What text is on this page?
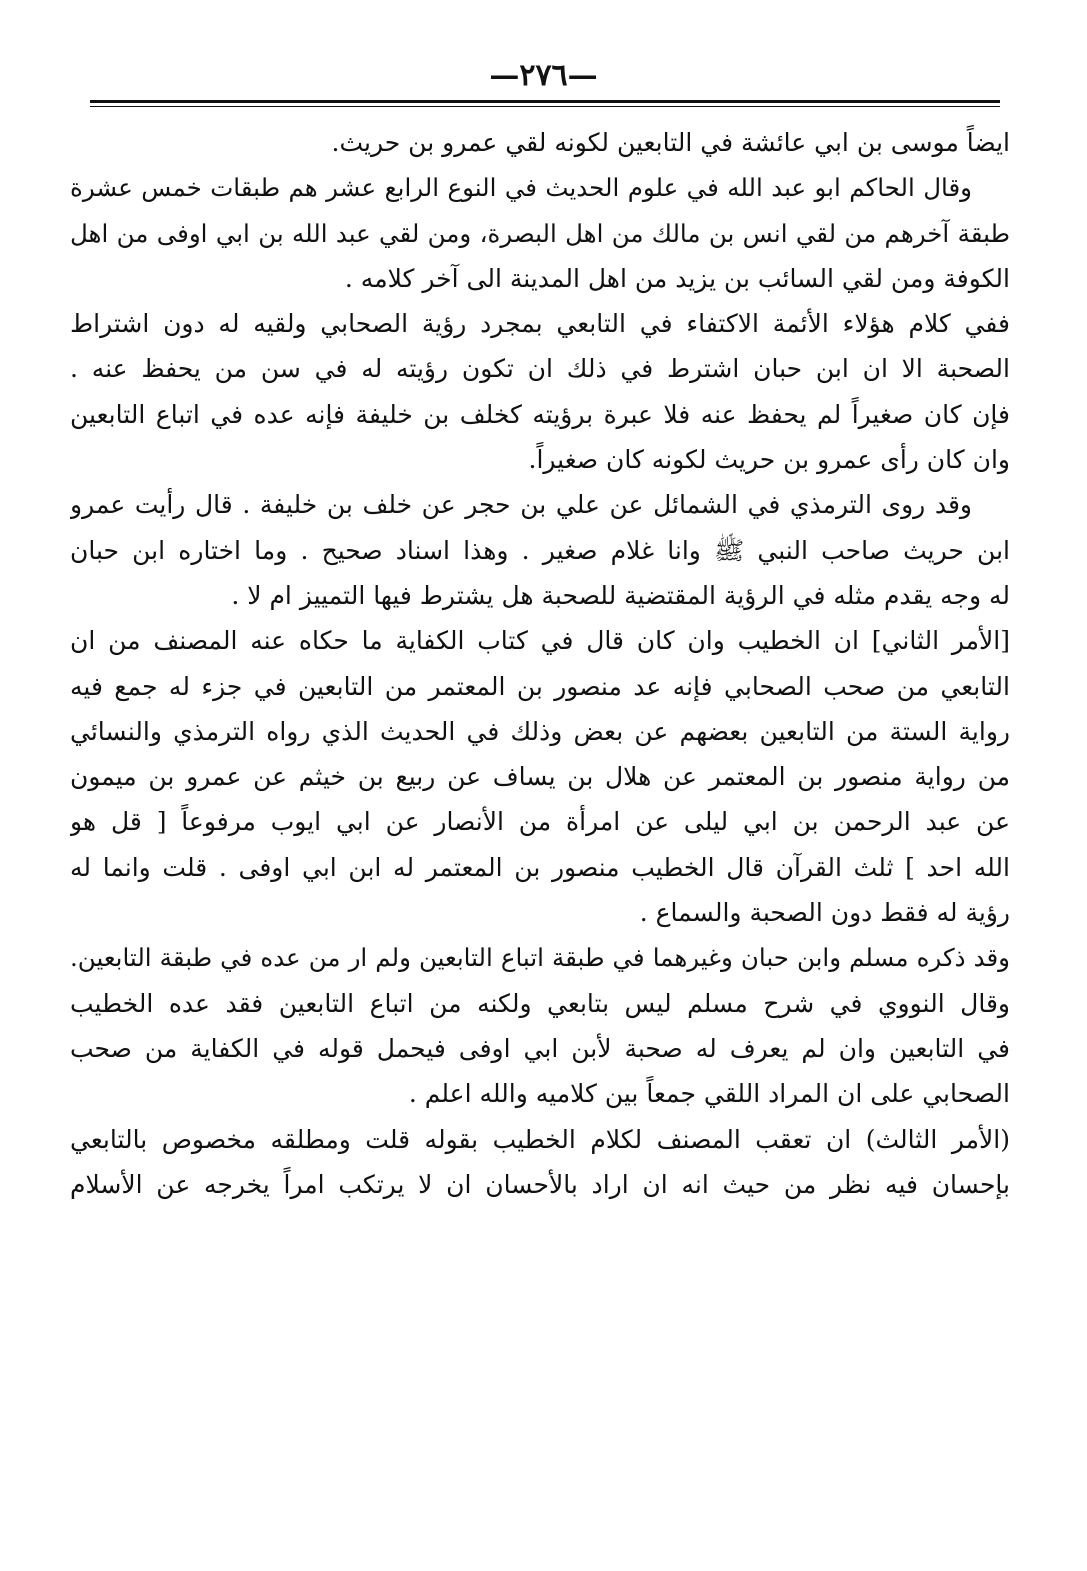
—٢٧٦—
ايضاً موسى بن ابي عائشة في التابعين لكونه لقي عمرو بن حريث.
وقال الحاكم ابو عبد الله في علوم الحديث في النوع الرابع عشر هم طبقات خمس عشرة
طبقة آخرهم من لقي انس بن مالك من اهل البصرة، ومن لقي عبد الله بن ابي اوفى من اهل
الكوفة ومن لقي السائب بن يزيد من اهل المدينة الى آخر كلامه .
ففي كلام هؤلاء الأئمة الاكتفاء في التابعي بمجرد رؤية الصحابي ولقيه له دون اشتراط
الصحبة الا ان ابن حبان اشترط في ذلك ان تكون رؤيته له في سن من يحفظ عنه .
فإن كان صغيراً لم يحفظ عنه فلا عبرة برؤيته كخلف بن خليفة فإنه عده في اتباع التابعين
وان كان رأى عمرو بن حريث لكونه كان صغيراً.
وقد روى الترمذي في الشمائل عن علي بن حجر عن خلف بن خليفة . قال رأيت عمرو
ابن حريث صاحب النبي ﷺ وانا غلام صغير . وهذا اسناد صحيح . وما اختاره ابن حبان
له وجه يقدم مثله في الرؤية المقتضية للصحبة هل يشترط فيها التمييز ام لا .
[الأمر الثاني] ان الخطيب وان كان قال في كتاب الكفاية ما حكاه عنه المصنف من ان
التابعي من صحب الصحابي فإنه عد منصور بن المعتمر من التابعين في جزء له جمع فيه
رواية الستة من التابعين بعضهم عن بعض وذلك في الحديث الذي رواه الترمذي والنسائي
من رواية منصور بن المعتمر عن هلال بن يساف عن ربيع بن خيثم عن عمرو بن ميمون
عن عبد الرحمن بن ابي ليلى عن امرأة من الأنصار عن ابي ايوب مرفوعاً [ قل هو
الله احد ] ثلث القرآن قال الخطيب منصور بن المعتمر له ابن ابي اوفى . قلت وانما له
رؤية له فقط دون الصحبة والسماع .
وقد ذكره مسلم وابن حبان وغيرهما في طبقة اتباع التابعين ولم ار من عده في طبقة التابعين.
وقال النووي في شرح مسلم ليس بتابعي ولكنه من اتباع التابعين فقد عده الخطيب
في التابعين وان لم يعرف له صحبة لأبن ابي اوفى فيحمل قوله في الكفاية من صحب
الصحابي على ان المراد اللقي جمعاً بين كلاميه والله اعلم .
(الأمر الثالث) ان تعقب المصنف لكلام الخطيب بقوله قلت ومطلقه مخصوص بالتابعي
بإحسان فيه نظر من حيث انه ان اراد بالأحسان ان لا يرتكب امراً يخرجه عن الأسلام
